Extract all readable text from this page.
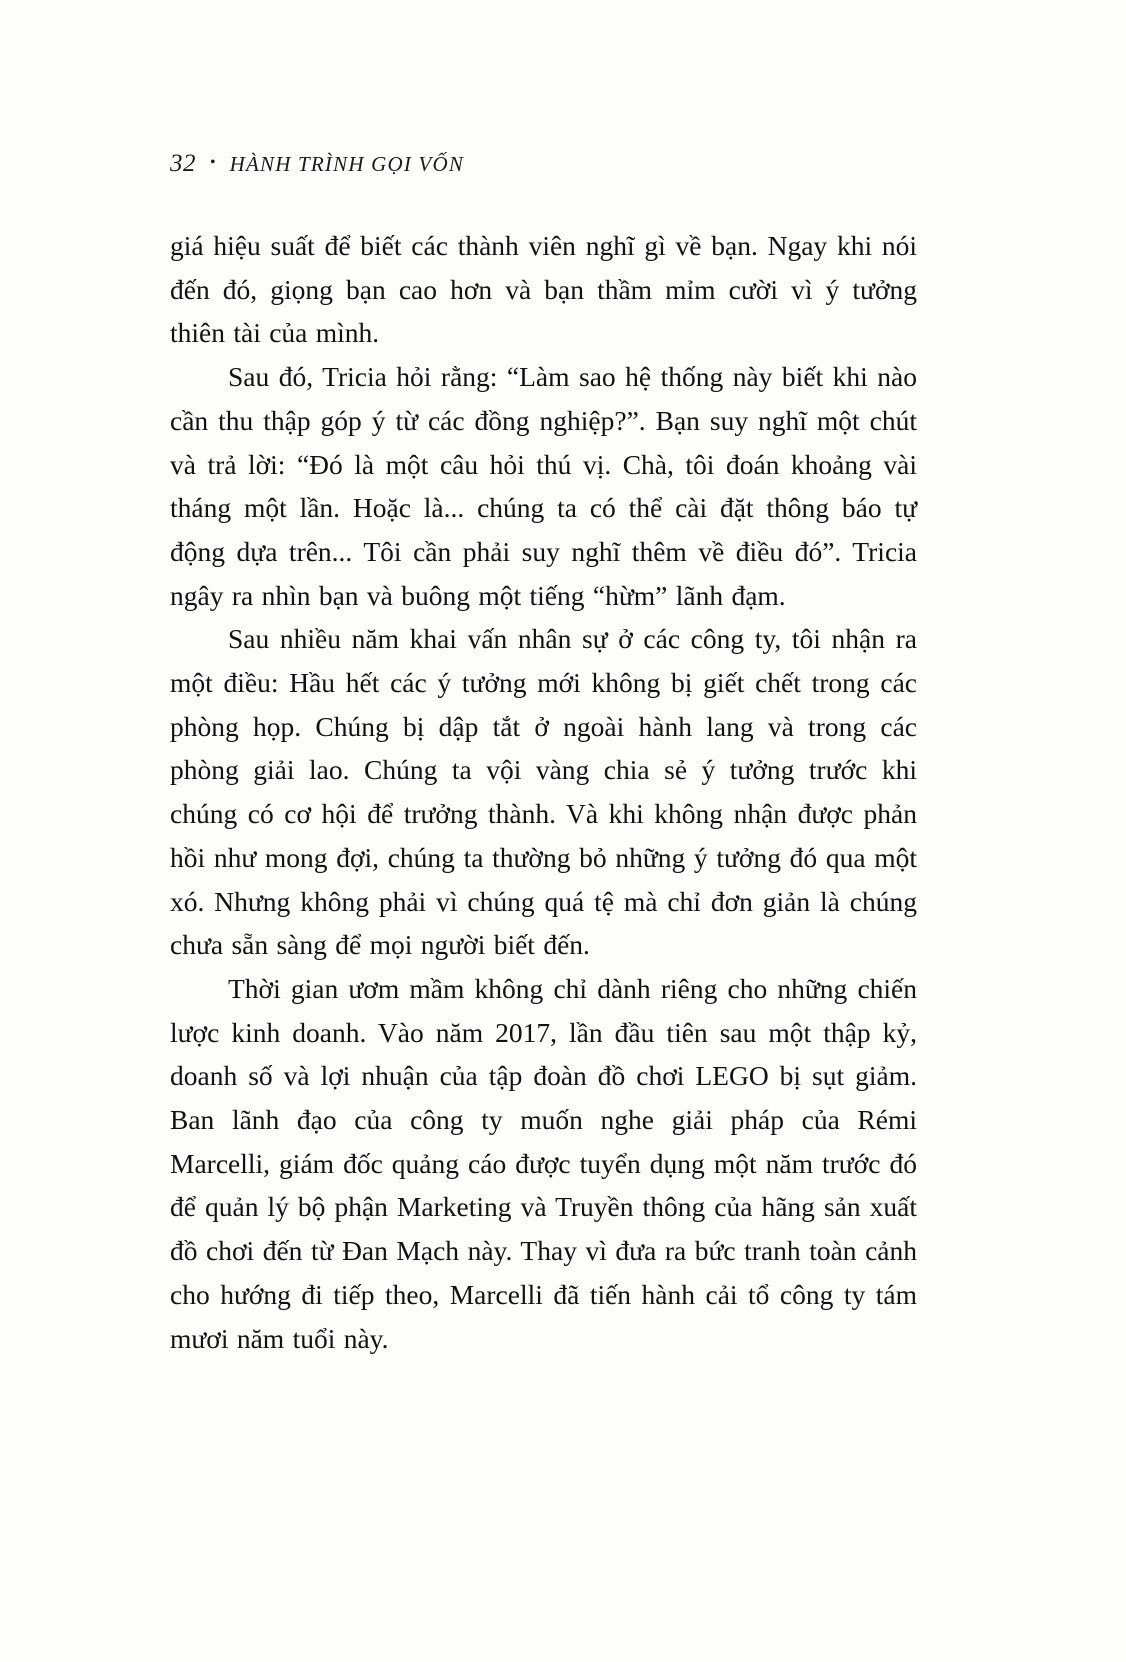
32 • HÀNH TRÌNH GỌI VỐN

giá hiệu suất để biết các thành viên nghĩ gì về bạn. Ngay khi nói đến đó, giọng bạn cao hơn và bạn thầm mỉm cười vì ý tưởng thiên tài của mình.

Sau đó, Tricia hỏi rằng: “Làm sao hệ thống này biết khi nào cần thu thập góp ý từ các đồng nghiệp?”. Bạn suy nghĩ một chút và trả lời: “Đó là một câu hỏi thú vị. Chà, tôi đoán khoảng vài tháng một lần. Hoặc là... chúng ta có thể cài đặt thông báo tự động dựa trên... Tôi cần phải suy nghĩ thêm về điều đó”. Tricia ngây ra nhìn bạn và buông một tiếng “hừm” lãnh đạm.

Sau nhiều năm khai vấn nhân sự ở các công ty, tôi nhận ra một điều: Hầu hết các ý tưởng mới không bị giết chết trong các phòng họp. Chúng bị dập tắt ở ngoài hành lang và trong các phòng giải lao. Chúng ta vội vàng chia sẻ ý tưởng trước khi chúng có cơ hội để trưởng thành. Và khi không nhận được phản hồi như mong đợi, chúng ta thường bỏ những ý tưởng đó qua một xó. Nhưng không phải vì chúng quá tệ mà chỉ đơn giản là chúng chưa sẵn sàng để mọi người biết đến.

Thời gian ươm mầm không chỉ dành riêng cho những chiến lược kinh doanh. Vào năm 2017, lần đầu tiên sau một thập kỷ, doanh số và lợi nhuận của tập đoàn đồ chơi LEGO bị sụt giảm. Ban lãnh đạo của công ty muốn nghe giải pháp của Rémi Marcelli, giám đốc quảng cáo được tuyển dụng một năm trước đó để quản lý bộ phận Marketing và Truyền thông của hãng sản xuất đồ chơi đến từ Đan Mạch này. Thay vì đưa ra bức tranh toàn cảnh cho hướng đi tiếp theo, Marcelli đã tiến hành cải tổ công ty tám mươi năm tuổi này.
